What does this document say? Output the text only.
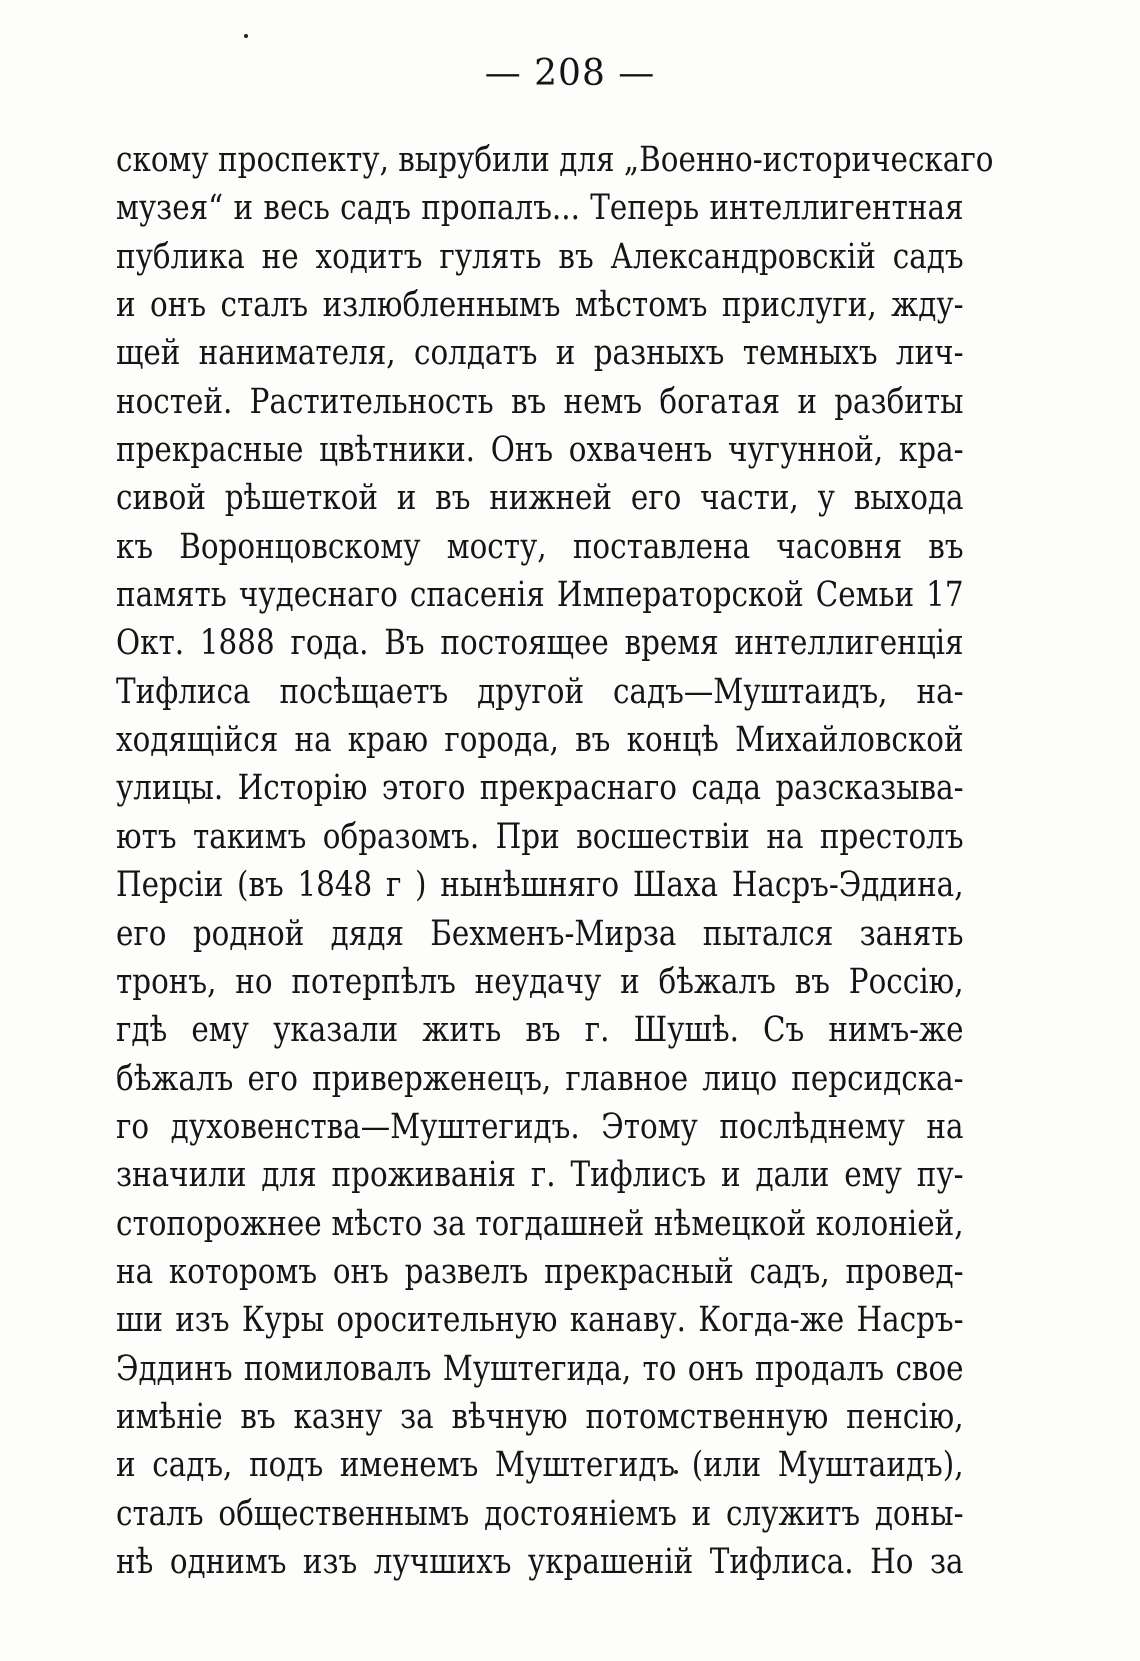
— 208 —
скому проспекту, вырубили для „Военно-историческаго
музея“ и весь садъ пропалъ... Теперь интеллигентная
публика не ходитъ гулять въ Александровскій садъ
и онъ сталъ излюбленнымъ мѣстомъ прислуги, жду-
щей нанимателя, солдатъ и разныхъ темныхъ лич-
ностей. Растительность въ немъ богатая и разбиты
прекрасные цвѣтники. Онъ охваченъ чугунной, кра-
сивой рѣшеткой и въ нижней его части, у выхода
къ Воронцовскому мосту, поставлена часовня въ
память чудеснаго спасенія Императорской Семьи 17
Окт. 1888 года. Въ постоящее время интеллигенція
Тифлиса посѣщаетъ другой садъ—Муштаидъ, на-
ходящійся на краю города, въ концѣ Михайловской
улицы. Исторію этого прекраснаго сада разсказыва-
ютъ такимъ образомъ. При восшествіи на престолъ
Персіи (въ 1848 г ) нынѣшняго Шаха Насръ-Эддина,
его родной дядя Бехменъ-Мирза пытался занять
тронъ, но потерпѣлъ неудачу и бѣжалъ въ Россію,
гдѣ ему указали жить въ г. Шушѣ. Съ нимъ-же
бѣжалъ его приверженецъ, главное лицо персидска-
го духовенства—Муштегидъ. Этому послѣднему на
значили для проживанія г. Тифлисъ и дали ему пу-
стопорожнее мѣсто за тогдашней нѣмецкой колоніей,
на которомъ онъ развелъ прекрасный садъ, провед-
ши изъ Куры оросительную канаву. Когда-же Насръ-
Эддинъ помиловалъ Муштегида, то онъ продалъ свое
имѣніе въ казну за вѣчную потомственную пенсію,
и садъ, подъ именемъ Муштегидъ (или Муштаидъ),
сталъ общественнымъ достояніемъ и служитъ доны-
нѣ однимъ изъ лучшихъ украшеній Тифлиса. Но за
